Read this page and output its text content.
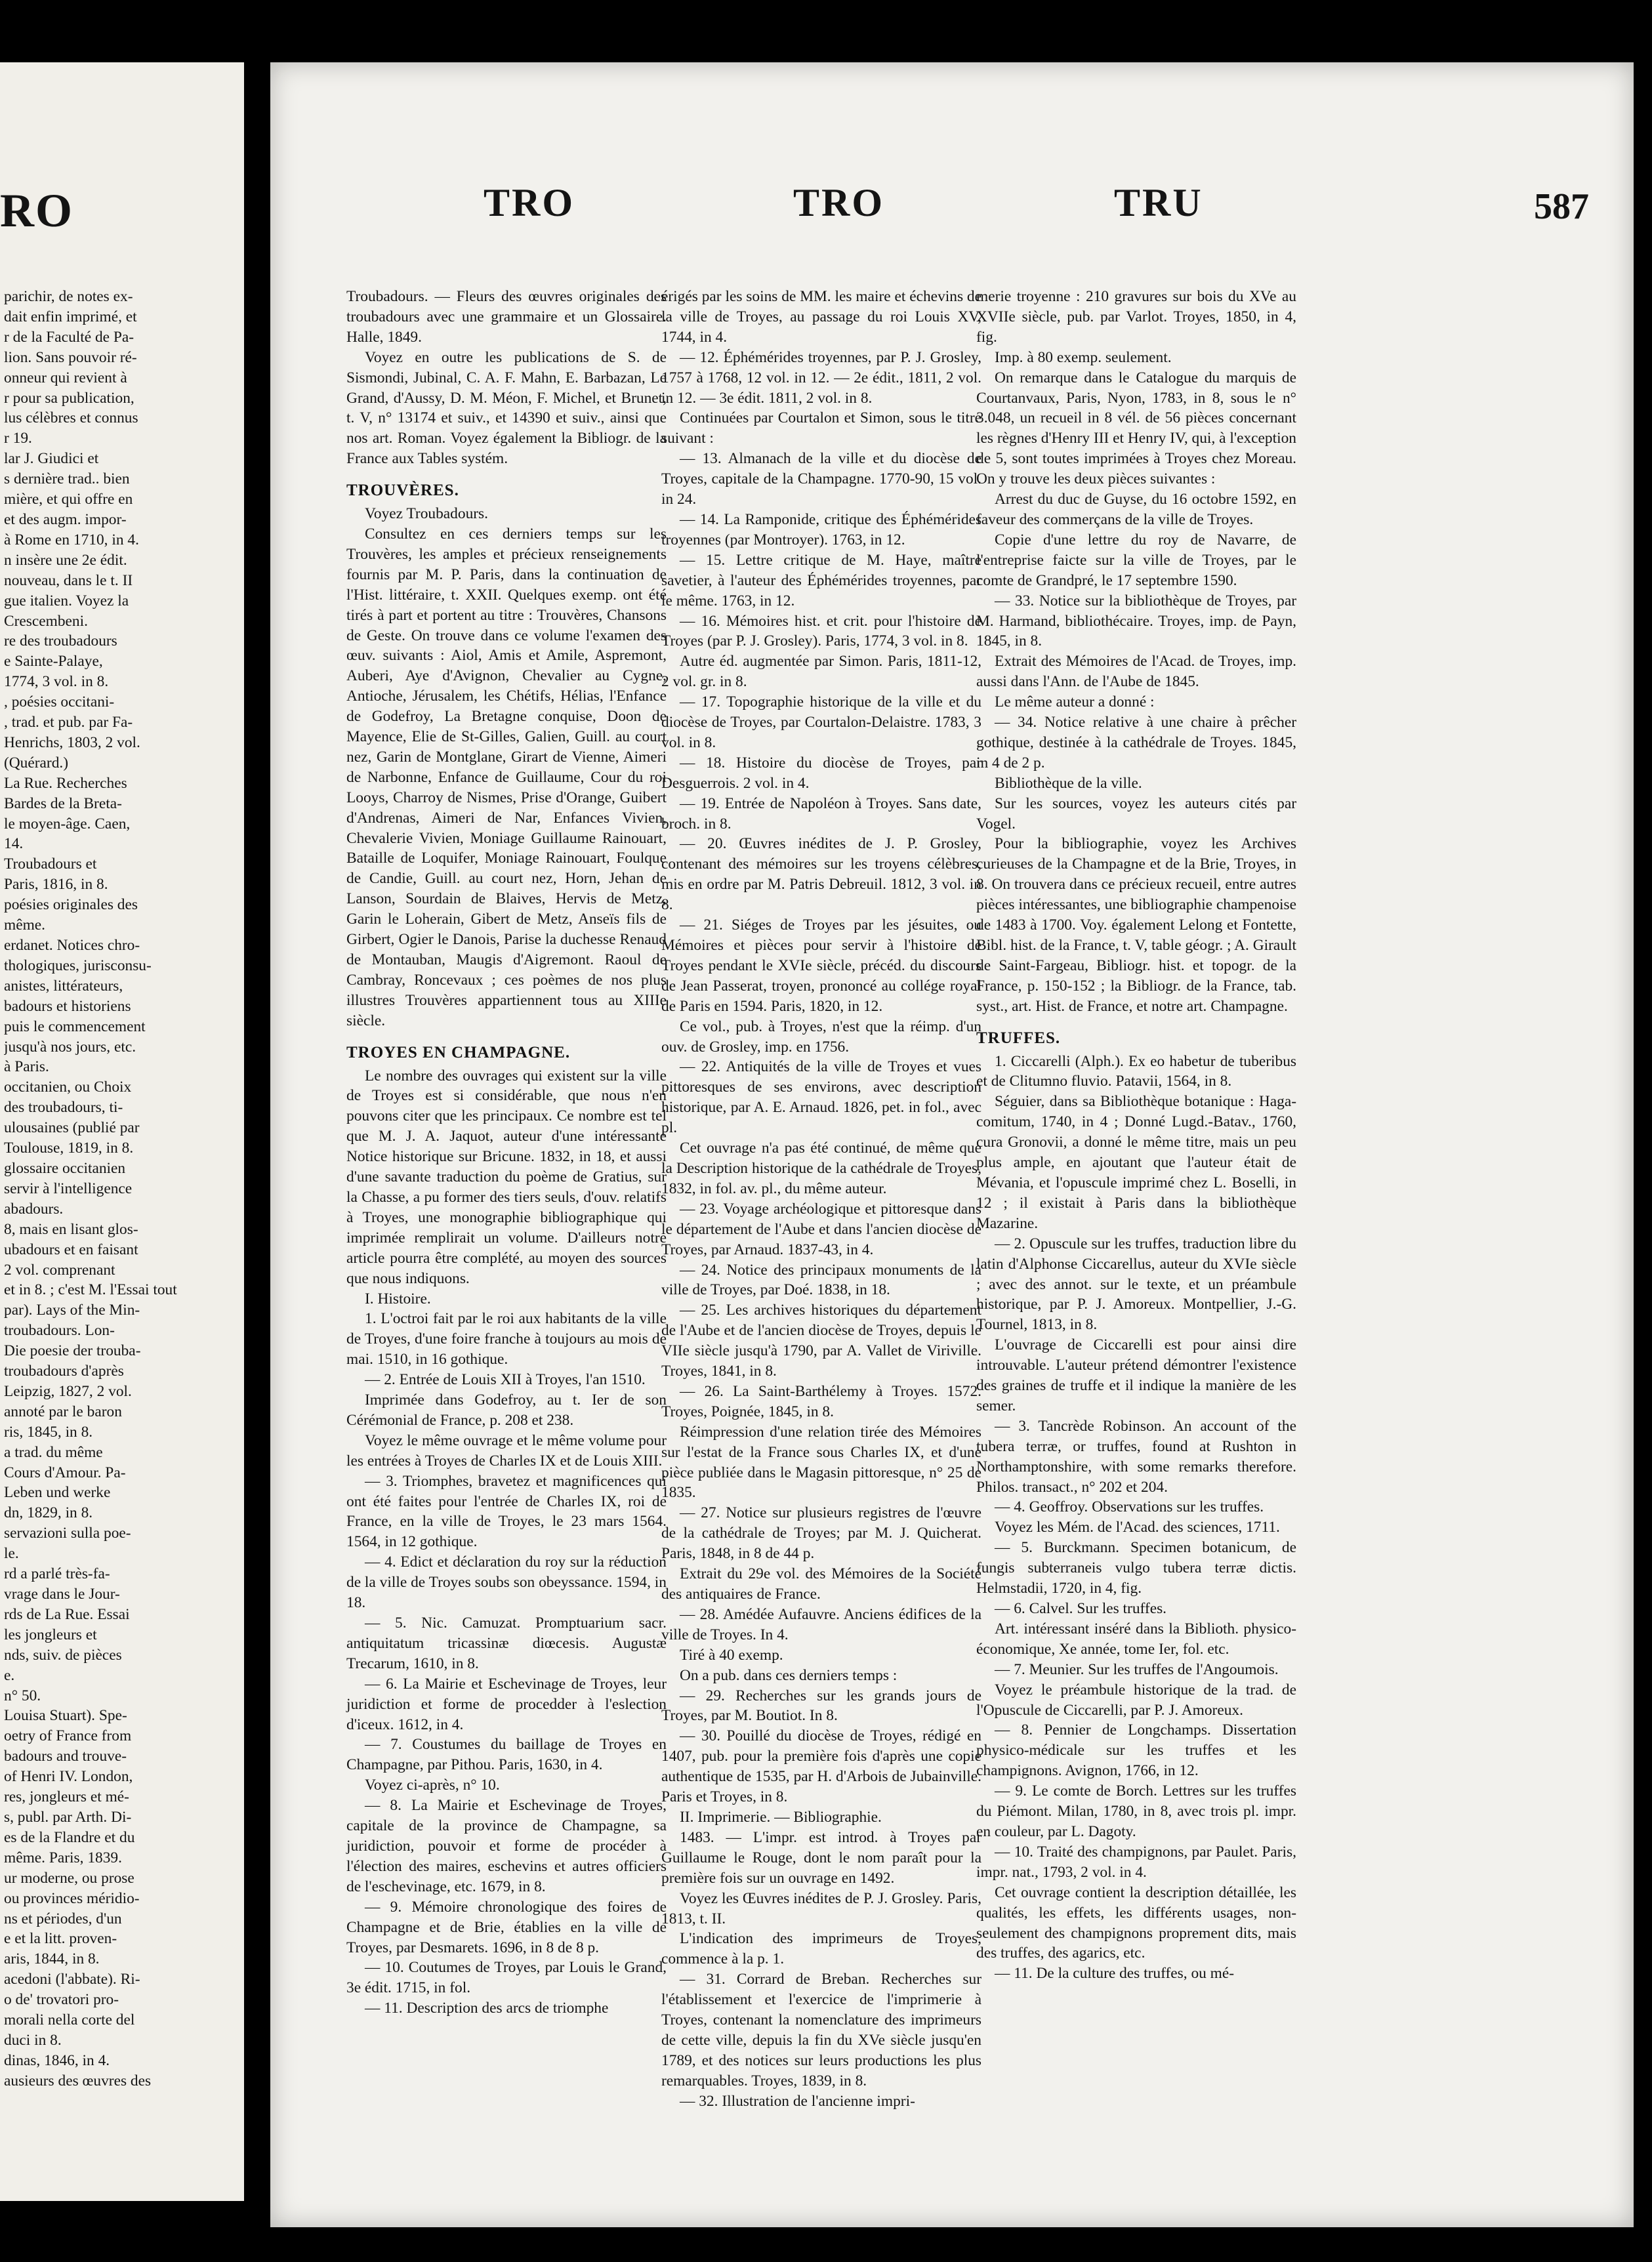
RO
parichir, de notes ex-
dait enfin imprimé, et
r de la Faculté de Pa-
lion. Sans pouvoir ré-
onneur qui revient à
r pour sa publication,
lus célèbres et connus
r 19.
lar J. Giudici et
s dernière trad.. bien
mière, et qui offre en
et des augm. impor-
à Rome en 1710, in 4.
n insère une 2e édit.
nouveau, dans le t. II
gue italien. Voyez la
Crescembeni.
re des troubadours
e Sainte-Palaye,
1774, 3 vol. in 8.
, poésies occitani-
, trad. et pub. par Fa-
Henrichs, 1803, 2 vol.
(Quérard.)
La Rue. Recherches
Bardes de la Breta-
le moyen-âge. Caen,
14.
Troubadours et
Paris, 1816, in 8.
poésies originales des
même.
erdanet. Notices chro-
thologiques, jurisconsu-
anistes, littérateurs,
badours et historiens
puis le commencement
jusqu'à nos jours, etc.
à Paris.
occitanien, ou Choix
des troubadours, ti-
ulousaines (publié par
Toulouse, 1819, in 8.
glossaire occitanien
servir à l'intelligence
abadours.
8, mais en lisant glos-
ubadours et en faisant
2 vol. comprenant
et in 8. ; c'est M. l'Essai tout
par). Lays of the Min-
troubadours. Lon-
Die poesie der trouba-
troubadours d'après
Leipzig, 1827, 2 vol.
annoté par le baron
ris, 1845, in 8.
a trad. du même
Cours d'Amour. Pa-
Leben und werke
dn, 1829, in 8.
servazioni sulla poe-
le.
rd a parlé très-fa-
vrage dans le Jour-
rds de La Rue. Essai
les jongleurs et
nds, suiv. de pièces
e.
n° 50.
Louisa Stuart). Spe-
oetry of France from
badours and trouve-
of Henri IV. London,
res, jongleurs et mé-
s, publ. par Arth. Di-
es de la Flandre et du
même. Paris, 1839.
ur moderne, ou prose
ou provinces méridio-
ns et périodes, d'un
e et la litt. proven-
aris, 1844, in 8.
acedoni (l'abbate). Ri-
o de' trovatori pro-
morali nella corte del
duci in 8.
dinas, 1846, in 4.
ausieurs des œuvres des
TRO	TRO	TRU	587

Troubadours. — Fleurs des œuvres originales des troubadours avec une grammaire et un Glossaire. Halle, 1849.

Voyez en outre les publications de S. de Sismondi, Jubinal, C. A. F. Mahn, E. Barbazan, Le Grand, d'Aussy, D. M. Méon, F. Michel, et Brunet, t. V, n° 13174 et suiv., et 14390 et suiv., ainsi que nos art. Roman. Voyez également la Bibliogr. de la France aux Tables systém.

TROUVÈRES.

Voyez Troubadours.

Consultez en ces derniers temps sur les Trouvères, les amples et précieux renseignements fournis par M. P. Paris, dans la continuation de l'Hist. littéraire, t. XXII. Quelques exemp. ont été tirés à part et portent au titre : Trouvères, Chansons de Geste. On trouve dans ce volume l'examen des œuv. suivants : Aiol, Amis et Amile, Aspremont, Auberi, Aye d'Avignon, Chevalier au Cygne, Antioche, Jérusalem, les Chétifs, Hélias, l'Enfance de Godefroy, La Bretagne conquise, Doon de Mayence, Elie de St-Gilles, Galien, Guill. au court nez, Garin de Montglane, Girart de Vienne, Aimeri de Narbonne, Enfance de Guillaume, Cour du roi Looys, Charroy de Nismes, Prise d'Orange, Guibert d'Andrenas, Aimeri de Nar, Enfances Vivien, Chevalerie Vivien, Moniage Guillaume Rainouart, Bataille de Loquifer, Moniage Rainouart, Foulque de Candie, Guill. au court nez, Horn, Jehan de Lanson, Sourdain de Blaives, Hervis de Metz, Garin le Loherain, Gibert de Metz, Anseïs fils de Girbert, Ogier le Danois, Parise la duchesse Renaud de Montauban, Maugis d'Aigremont. Raoul de Cambray, Roncevaux ; ces poèmes de nos plus illustres Trouvères appartiennent tous au XIIIe siècle.

TROYES EN CHAMPAGNE.

Le nombre des ouvrages qui existent sur la ville de Troyes est si considérable, que nous n'en pouvons citer que les principaux. Ce nombre est tel que M. J. A. Jaquot, auteur d'une intéressante Notice historique sur Bricune. 1832, in 18, et aussi d'une savante traduction du poème de Gratius, sur la Chasse, a pu former des tiers seuls, d'ouv. relatifs à Troyes, une monographie bibliographique qui imprimée remplirait un volume. D'ailleurs notre article pourra être complété, au moyen des sources que nous indiquons.

I. Histoire.

1. L'octroi fait par le roi aux habitants de la ville de Troyes, d'une foire franche à toujours au mois de mai. 1510, in 16 gothique.

— 2. Entrée de Louis XII à Troyes, l'an 1510.

Imprimée dans Godefroy, au t. Ier de son Cérémonial de France, p. 208 et 238.

Voyez le même ouvrage et le même volume pour les entrées à Troyes de Charles IX et de Louis XIII.

— 3. Triomphes, bravetez et magnificences qui ont été faites pour l'entrée de Charles IX, roi de France, en la ville de Troyes, le 23 mars 1564. 1564, in 12 gothique.

— 4. Edict et déclaration du roy sur la réduction de la ville de Troyes soubs son obeyssance. 1594, in 18.

— 5. Nic. Camuzat. Promptuarium sacr. antiquitatum tricassinæ diœcesis. Augustæ Trecarum, 1610, in 8.

— 6. La Mairie et Eschevinage de Troyes, leur juridiction et forme de procedder à l'eslection d'iceux. 1612, in 4.

— 7. Coustumes du baillage de Troyes en Champagne, par Pithou. Paris, 1630, in 4.

Voyez ci-après, n° 10.

— 8. La Mairie et Eschevinage de Troyes, capitale de la province de Champagne, sa juridiction, pouvoir et forme de procéder à l'élection des maires, eschevins et autres officiers de l'eschevinage, etc. 1679, in 8.

— 9. Mémoire chronologique des foires de Champagne et de Brie, établies en la ville de Troyes, par Desmarets. 1696, in 8 de 8 p.

— 10. Coutumes de Troyes, par Louis le Grand, 3e édit. 1715, in fol.

— 11. Description des arcs de triomphe

érigés par les soins de MM. les maire et échevins de la ville de Troyes, au passage du roi Louis XV, 1744, in 4.

— 12. Éphémérides troyennes, par P. J. Grosley, 1757 à 1768, 12 vol. in 12. — 2e édit., 1811, 2 vol. in 12. — 3e édit. 1811, 2 vol. in 8.

Continuées par Courtalon et Simon, sous le titre suivant :

— 13. Almanach de la ville et du diocèse de Troyes, capitale de la Champagne. 1770-90, 15 vol. in 24.

— 14. La Ramponide, critique des Éphémérides troyennes (par Montroyer). 1763, in 12.

— 15. Lettre critique de M. Haye, maître savetier, à l'auteur des Éphémérides troyennes, par le même. 1763, in 12.

— 16. Mémoires hist. et crit. pour l'histoire de Troyes (par P. J. Grosley). Paris, 1774, 3 vol. in 8.

Autre éd. augmentée par Simon. Paris, 1811-12, 2 vol. gr. in 8.

— 17. Topographie historique de la ville et du diocèse de Troyes, par Courtalon-Delaistre. 1783, 3 vol. in 8.

— 18. Histoire du diocèse de Troyes, par Desguerrois. 2 vol. in 4.

— 19. Entrée de Napoléon à Troyes. Sans date, broch. in 8.

— 20. Œuvres inédites de J. P. Grosley, contenant des mémoires sur les troyens célèbres, mis en ordre par M. Patris Debreuil. 1812, 3 vol. in 8.

— 21. Siéges de Troyes par les jésuites, ou Mémoires et pièces pour servir à l'histoire de Troyes pendant le XVIe siècle, précéd. du discours de Jean Passerat, troyen, prononcé au collége royal de Paris en 1594. Paris, 1820, in 12.

Ce vol., pub. à Troyes, n'est que la réimp. d'un ouv. de Grosley, imp. en 1756.

— 22. Antiquités de la ville de Troyes et vues pittoresques de ses environs, avec description historique, par A. E. Arnaud. 1826, pet. in fol., avec pl.

Cet ouvrage n'a pas été continué, de même que la Description historique de la cathédrale de Troyes, 1832, in fol. av. pl., du même auteur.

— 23. Voyage archéologique et pittoresque dans le département de l'Aube et dans l'ancien diocèse de Troyes, par Arnaud. 1837-43, in 4.

— 24. Notice des principaux monuments de la ville de Troyes, par Doé. 1838, in 18.

— 25. Les archives historiques du département de l'Aube et de l'ancien diocèse de Troyes, depuis le VIIe siècle jusqu'à 1790, par A. Vallet de Viriville. Troyes, 1841, in 8.

— 26. La Saint-Barthélemy à Troyes. 1572. Troyes, Poignée, 1845, in 8.

Réimpression d'une relation tirée des Mémoires sur l'estat de la France sous Charles IX, et d'une pièce publiée dans le Magasin pittoresque, n° 25 de 1835.

— 27. Notice sur plusieurs registres de l'œuvre de la cathédrale de Troyes; par M. J. Quicherat. Paris, 1848, in 8 de 44 p.

Extrait du 29e vol. des Mémoires de la Société des antiquaires de France.

— 28. Amédée Aufauvre. Anciens édifices de la ville de Troyes. In 4.

Tiré à 40 exemp.

On a pub. dans ces derniers temps :

— 29. Recherches sur les grands jours de Troyes, par M. Boutiot. In 8.

— 30. Pouillé du diocèse de Troyes, rédigé en 1407, pub. pour la première fois d'après une copie authentique de 1535, par H. d'Arbois de Jubainville. Paris et Troyes, in 8.

II. Imprimerie. — Bibliographie.

1483. — L'impr. est introd. à Troyes par Guillaume le Rouge, dont le nom paraît pour la première fois sur un ouvrage en 1492.

Voyez les Œuvres inédites de P. J. Grosley. Paris, 1813, t. II.

L'indication des imprimeurs de Troyes, commence à la p. 1.

— 31. Corrard de Breban. Recherches sur l'établissement et l'exercice de l'imprimerie à Troyes, contenant la nomenclature des imprimeurs de cette ville, depuis la fin du XVe siècle jusqu'en 1789, et des notices sur leurs productions les plus remarquables. Troyes, 1839, in 8.

— 32. Illustration de l'ancienne impri-

merie troyenne : 210 gravures sur bois du XVe au XVIIe siècle, pub. par Varlot. Troyes, 1850, in 4, fig.

Imp. à 80 exemp. seulement.

On remarque dans le Catalogue du marquis de Courtanvaux, Paris, Nyon, 1783, in 8, sous le n° 3.048, un recueil in 8 vél. de 56 pièces concernant les règnes d'Henry III et Henry IV, qui, à l'exception de 5, sont toutes imprimées à Troyes chez Moreau. On y trouve les deux pièces suivantes :

Arrest du duc de Guyse, du 16 octobre 1592, en faveur des commerçans de la ville de Troyes.

Copie d'une lettre du roy de Navarre, de l'entreprise faicte sur la ville de Troyes, par le comte de Grandpré, le 17 septembre 1590.

— 33. Notice sur la bibliothèque de Troyes, par M. Harmand, bibliothécaire. Troyes, imp. de Payn, 1845, in 8.

Extrait des Mémoires de l'Acad. de Troyes, imp. aussi dans l'Ann. de l'Aube de 1845.

Le même auteur a donné :

— 34. Notice relative à une chaire à prêcher gothique, destinée à la cathédrale de Troyes. 1845, in 4 de 2 p.

Bibliothèque de la ville.

Sur les sources, voyez les auteurs cités par Vogel.

Pour la bibliographie, voyez les Archives curieuses de la Champagne et de la Brie, Troyes, in 8. On trouvera dans ce précieux recueil, entre autres pièces intéressantes, une bibliographie champenoise de 1483 à 1700. Voy. également Lelong et Fontette, Bibl. hist. de la France, t. V, table géogr. ; A. Girault de Saint-Fargeau, Bibliogr. hist. et topogr. de la France, p. 150-152 ; la Bibliogr. de la France, tab. syst., art. Hist. de France, et notre art. Champagne.

TRUFFES.

1. Ciccarelli (Alph.). Ex eo habetur de tuberibus et de Clitumno fluvio. Patavii, 1564, in 8.

Séguier, dans sa Bibliothèque botanique : Haga-comitum, 1740, in 4 ; Donné Lugd.-Batav., 1760, cura Gronovii, a donné le même titre, mais un peu plus ample, en ajoutant que l'auteur était de Mévania, et l'opuscule imprimé chez L. Boselli, in 12 ; il existait à Paris dans la bibliothèque Mazarine.

— 2. Opuscule sur les truffes, traduction libre du latin d'Alphonse Ciccarellus, auteur du XVIe siècle ; avec des annot. sur le texte, et un préambule historique, par P. J. Amoreux. Montpellier, J.-G. Tournel, 1813, in 8.

L'ouvrage de Ciccarelli est pour ainsi dire introuvable. L'auteur prétend démontrer l'existence des graines de truffe et il indique la manière de les semer.

— 3. Tancrède Robinson. An account of the tubera terræ, or truffes, found at Rushton in Northamptonshire, with some remarks therefore. Philos. transact., n° 202 et 204.

— 4. Geoffroy. Observations sur les truffes.

Voyez les Mém. de l'Acad. des sciences, 1711.

— 5. Burckmann. Specimen botanicum, de fungis subterraneis vulgo tubera terræ dictis. Helmstadii, 1720, in 4, fig.

— 6. Calvel. Sur les truffes.

Art. intéressant inséré dans la Biblioth. physico-économique, Xe année, tome Ier, fol. etc.

— 7. Meunier. Sur les truffes de l'Angoumois.

Voyez le préambule historique de la trad. de l'Opuscule de Ciccarelli, par P. J. Amoreux.

— 8. Pennier de Longchamps. Dissertation physico-médicale sur les truffes et les champignons. Avignon, 1766, in 12.

— 9. Le comte de Borch. Lettres sur les truffes du Piémont. Milan, 1780, in 8, avec trois pl. impr. en couleur, par L. Dagoty.

— 10. Traité des champignons, par Paulet. Paris, impr. nat., 1793, 2 vol. in 4.

Cet ouvrage contient la description détaillée, les qualités, les effets, les différents usages, non-seulement des champignons proprement dits, mais des truffes, des agarics, etc.

— 11. De la culture des truffes, ou mé-
